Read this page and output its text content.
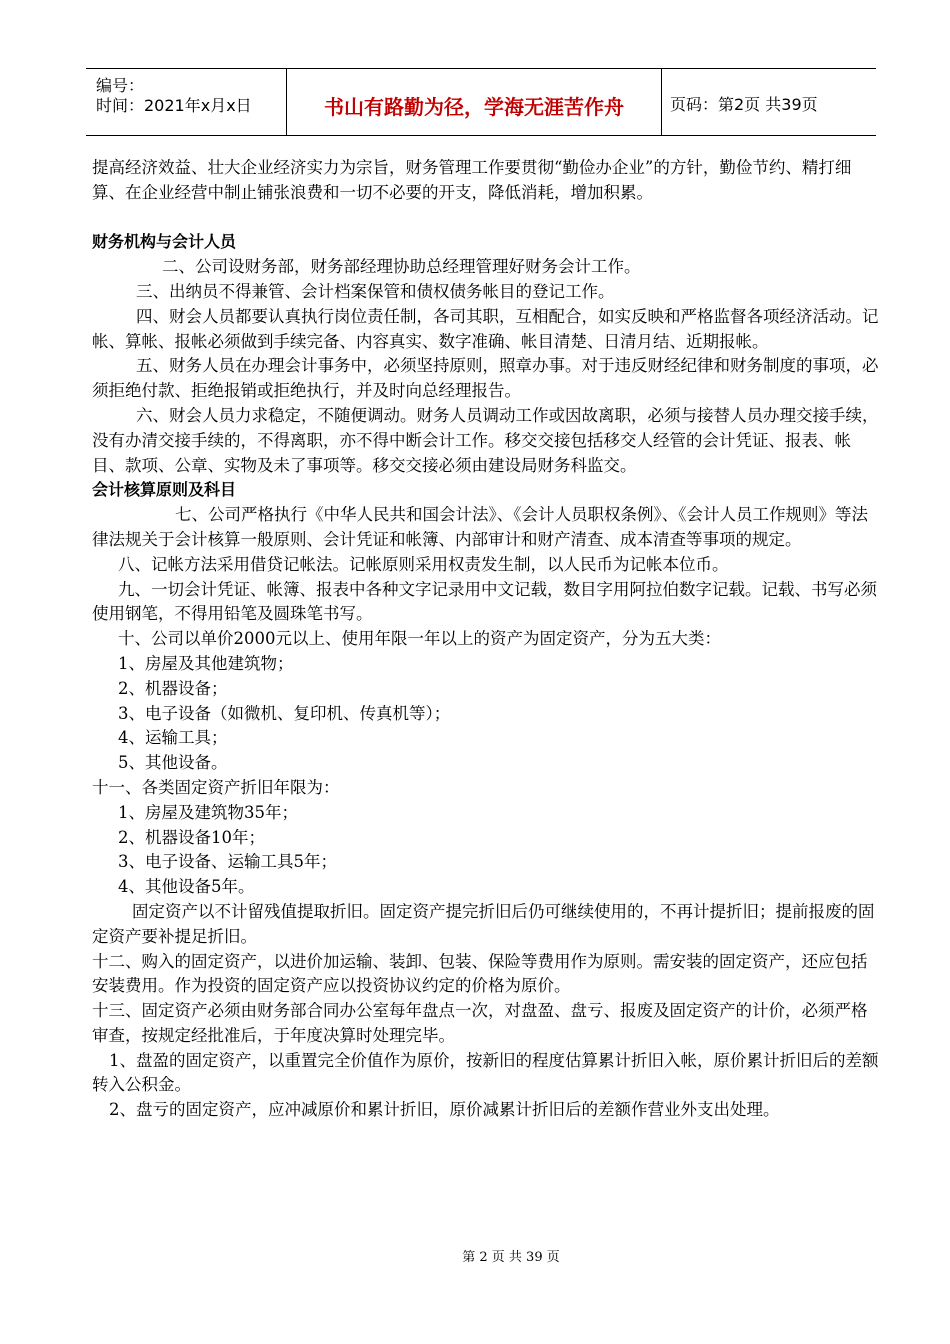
编号：
时间：2021年x月x日	书山有路勤为径，学海无涯苦作舟	页码：第2页 共39页

提高经济效益、壮大企业经济实力为宗旨，财务管理工作要贯彻“勤俭办企业”的方针，勤俭节约、精打细算、在企业经营中制止铺张浪费和一切不必要的开支，降低消耗，增加积累。

财务机构与会计人员

二、公司设财务部，财务部经理协助总经理管理好财务会计工作。

三、出纳员不得兼管、会计档案保管和债权债务帐目的登记工作。

四、财会人员都要认真执行岗位责任制，各司其职，互相配合，如实反映和严格监督各项经济活动。记帐、算帐、报帐必须做到手续完备、内容真实、数字准确、帐目清楚、日清月结、近期报帐。

五、财务人员在办理会计事务中，必须坚持原则，照章办事。对于违反财经纪律和财务制度的事项，必须拒绝付款、拒绝报销或拒绝执行，并及时向总经理报告。

六、财会人员力求稳定，不随便调动。财务人员调动工作或因故离职，必须与接替人员办理交接手续，没有办清交接手续的，不得离职，亦不得中断会计工作。移交交接包括移交人经管的会计凭证、报表、帐目、款项、公章、实物及未了事项等。移交交接必须由建设局财务科监交。

会计核算原则及科目

七、公司严格执行《中华人民共和国会计法》、《会计人员职权条例》、《会计人员工作规则》等法律法规关于会计核算一般原则、会计凭证和帐簿、内部审计和财产清查、成本清查等事项的规定。

八、记帐方法采用借贷记帐法。记帐原则采用权责发生制，以人民币为记帐本位币。

九、一切会计凭证、帐簿、报表中各种文字记录用中文记载，数目字用阿拉伯数字记载。记载、书写必须使用钢笔，不得用铅笔及圆珠笔书写。

十、公司以单价2000元以上、使用年限一年以上的资产为固定资产，分为五大类：

1、房屋及其他建筑物；

2、机器设备；

3、电子设备（如微机、复印机、传真机等）；

4、运输工具；

5、其他设备。

十一、各类固定资产折旧年限为：

1、房屋及建筑物35年；

2、机器设备10年；

3、电子设备、运输工具5年；

4、其他设备5年。

固定资产以不计留残值提取折旧。固定资产提完折旧后仍可继续使用的，不再计提折旧；提前报废的固定资产要补提足折旧。

十二、购入的固定资产，以进价加运输、装卸、包装、保险等费用作为原则。需安装的固定资产，还应包括安装费用。作为投资的固定资产应以投资协议约定的价格为原价。

十三、固定资产必须由财务部合同办公室每年盘点一次，对盘盈、盘亏、报废及固定资产的计价，必须严格审查，按规定经批准后，于年度决算时处理完毕。

1、盘盈的固定资产，以重置完全价值作为原价，按新旧的程度估算累计折旧入帐，原价累计折旧后的差额转入公积金。

2、盘亏的固定资产，应冲减原价和累计折旧，原价减累计折旧后的差额作营业外支出处理。

第 2 页 共 39 页
